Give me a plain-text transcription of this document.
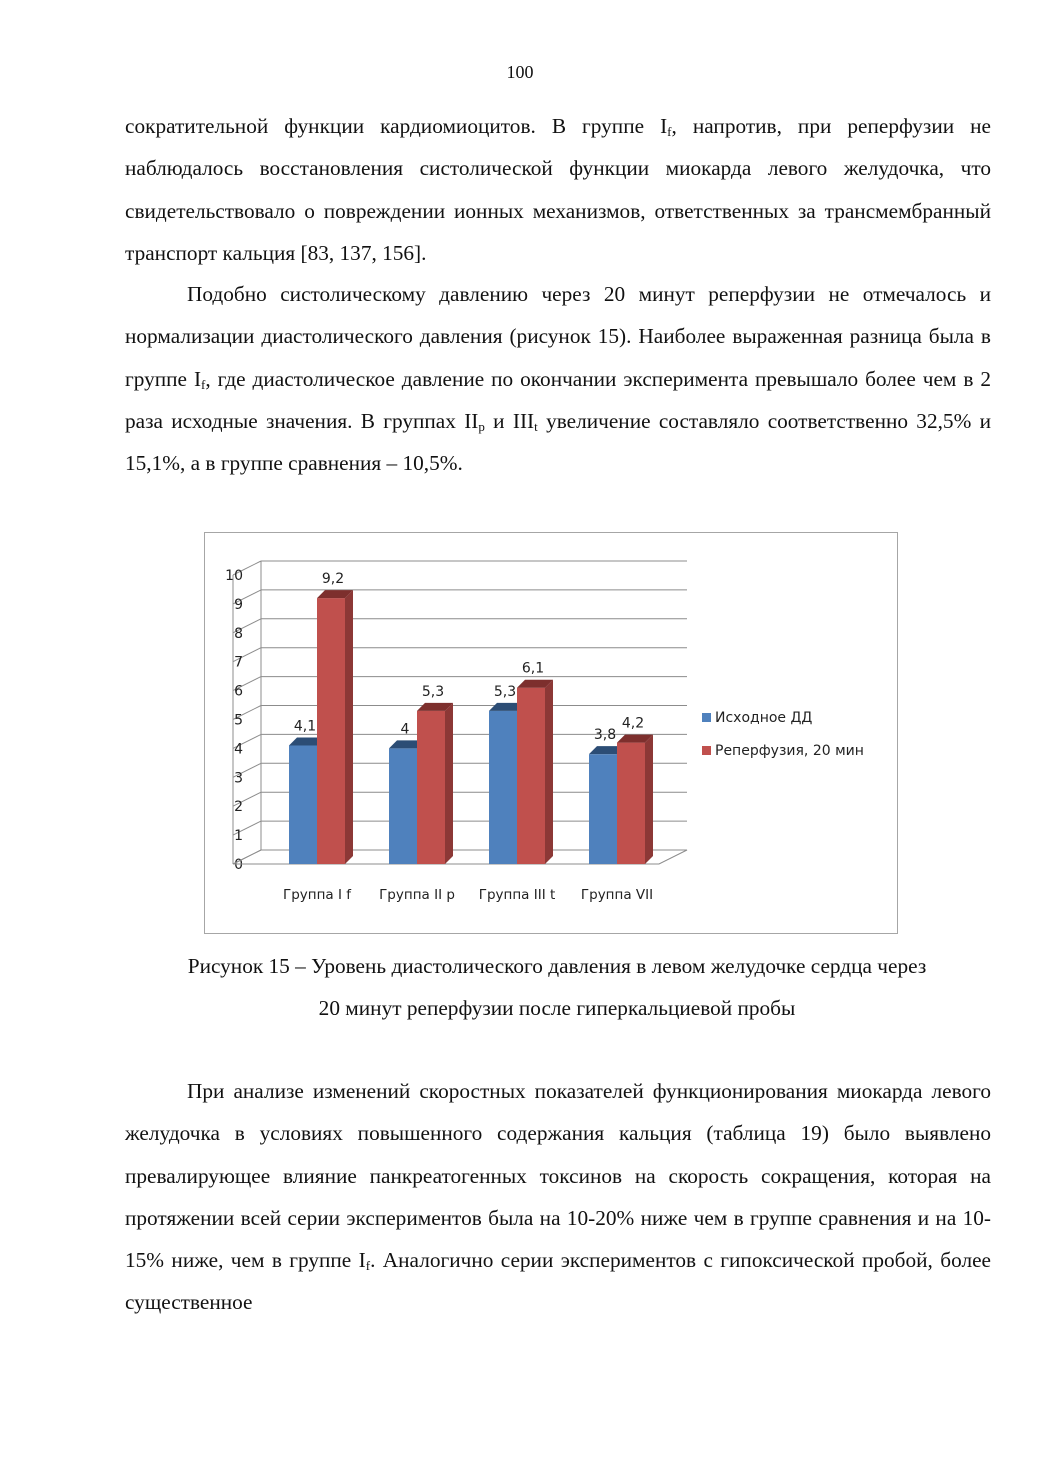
100

сократительной функции кардиомиоцитов. В группе $I_f$, напротив, при реперфузии не наблюдалось восстановления систолической функции миокарда левого желудочка, что свидетельствовало о повреждении ионных механизмов, ответственных за трансмембранный транспорт кальция [83, 137, 156].

Подобно систолическому давлению через 20 минут реперфузии не отмечалось и нормализации диастолического давления (рисунок 15). Наиболее выраженная разница была в группе $I_f$, где диастолическое давление по окончании эксперимента превышало более чем в 2 раза исходные значения. В группах $II_p$ и $III_t$ увеличение составляло соответственно 32,5% и 15,1%, а в группе сравнения – 10,5%.

0
1
2
3
4
5
6
7
8
9
10
4,1
9,2
Группа I f
4
5,3
Группа II p
5,3
6,1
Группа III t
3,8
4,2
Группа VII
Исходное ДД
Реперфузия, 20 мин
Рисунок 15 – Уровень диастолического давления в левом желудочке сердца через
20 минут реперфузии после гиперкальциевой пробы

При анализе изменений скоростных показателей функционирования миокарда левого желудочка в условиях повышенного содержания кальция (таблица 19) было выявлено превалирующее влияние панкреатогенных токсинов на скорость сокращения, которая на протяжении всей серии экспериментов была на 10-20% ниже чем в группе сравнения и на 10-15% ниже, чем в группе $I_f$. Аналогично серии экспериментов с гипоксической пробой, более существенное
